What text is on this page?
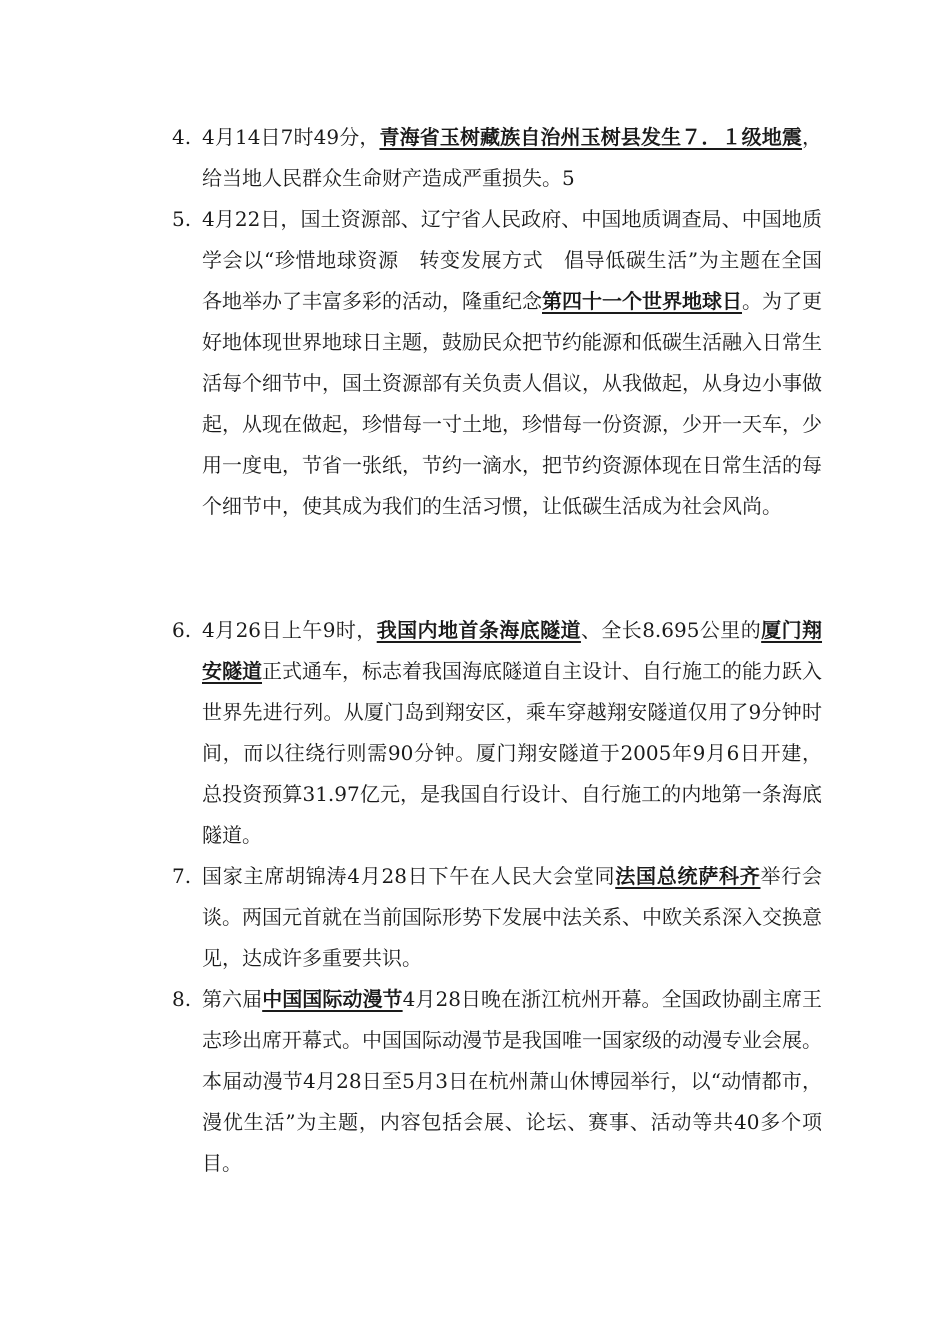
4. 4月14日7时49分，青海省玉树藏族自治州玉树县发生７．１级地震，给当地人民群众生命财产造成严重损失。5
5. 4月22日，国土资源部、辽宁省人民政府、中国地质调查局、中国地质学会以“珍惜地球资源　转变发展方式　倡导低碳生活”为主题在全国各地举办了丰富多彩的活动，隆重纪念第四十一个世界地球日。为了更好地体现世界地球日主题，鼓励民众把节约能源和低碳生活融入日常生活每个细节中，国土资源部有关负责人倡议，从我做起，从身边小事做起，从现在做起，珍惜每一寸土地，珍惜每一份资源，少开一天车，少用一度电，节省一张纸，节约一滴水，把节约资源体现在日常生活的每个细节中，使其成为我们的生活习惯，让低碳生活成为社会风尚。
6. 4月26日上午9时，我国内地首条海底隧道、全长8.695公里的厦门翔安隧道正式通车，标志着我国海底隧道自主设计、自行施工的能力跃入世界先进行列。从厦门岛到翔安区，乘车穿越翔安隧道仅用了9分钟时间，而以往绕行则需90分钟。厦门翔安隧道于2005年9月6日开建，总投资预算31.97亿元，是我国自行设计、自行施工的内地第一条海底隧道。
7. 国家主席胡锦涛4月28日下午在人民大会堂同法国总统萨科齐举行会谈。两国元首就在当前国际形势下发展中法关系、中欧关系深入交换意见，达成许多重要共识。
8. 第六届中国国际动漫节4月28日晚在浙江杭州开幕。全国政协副主席王志珍出席开幕式。中国国际动漫节是我国唯一国家级的动漫专业会展。本届动漫节4月28日至5月3日在杭州萧山休博园举行，以“动情都市，漫优生活”为主题，内容包括会展、论坛、赛事、活动等共40多个项目。
